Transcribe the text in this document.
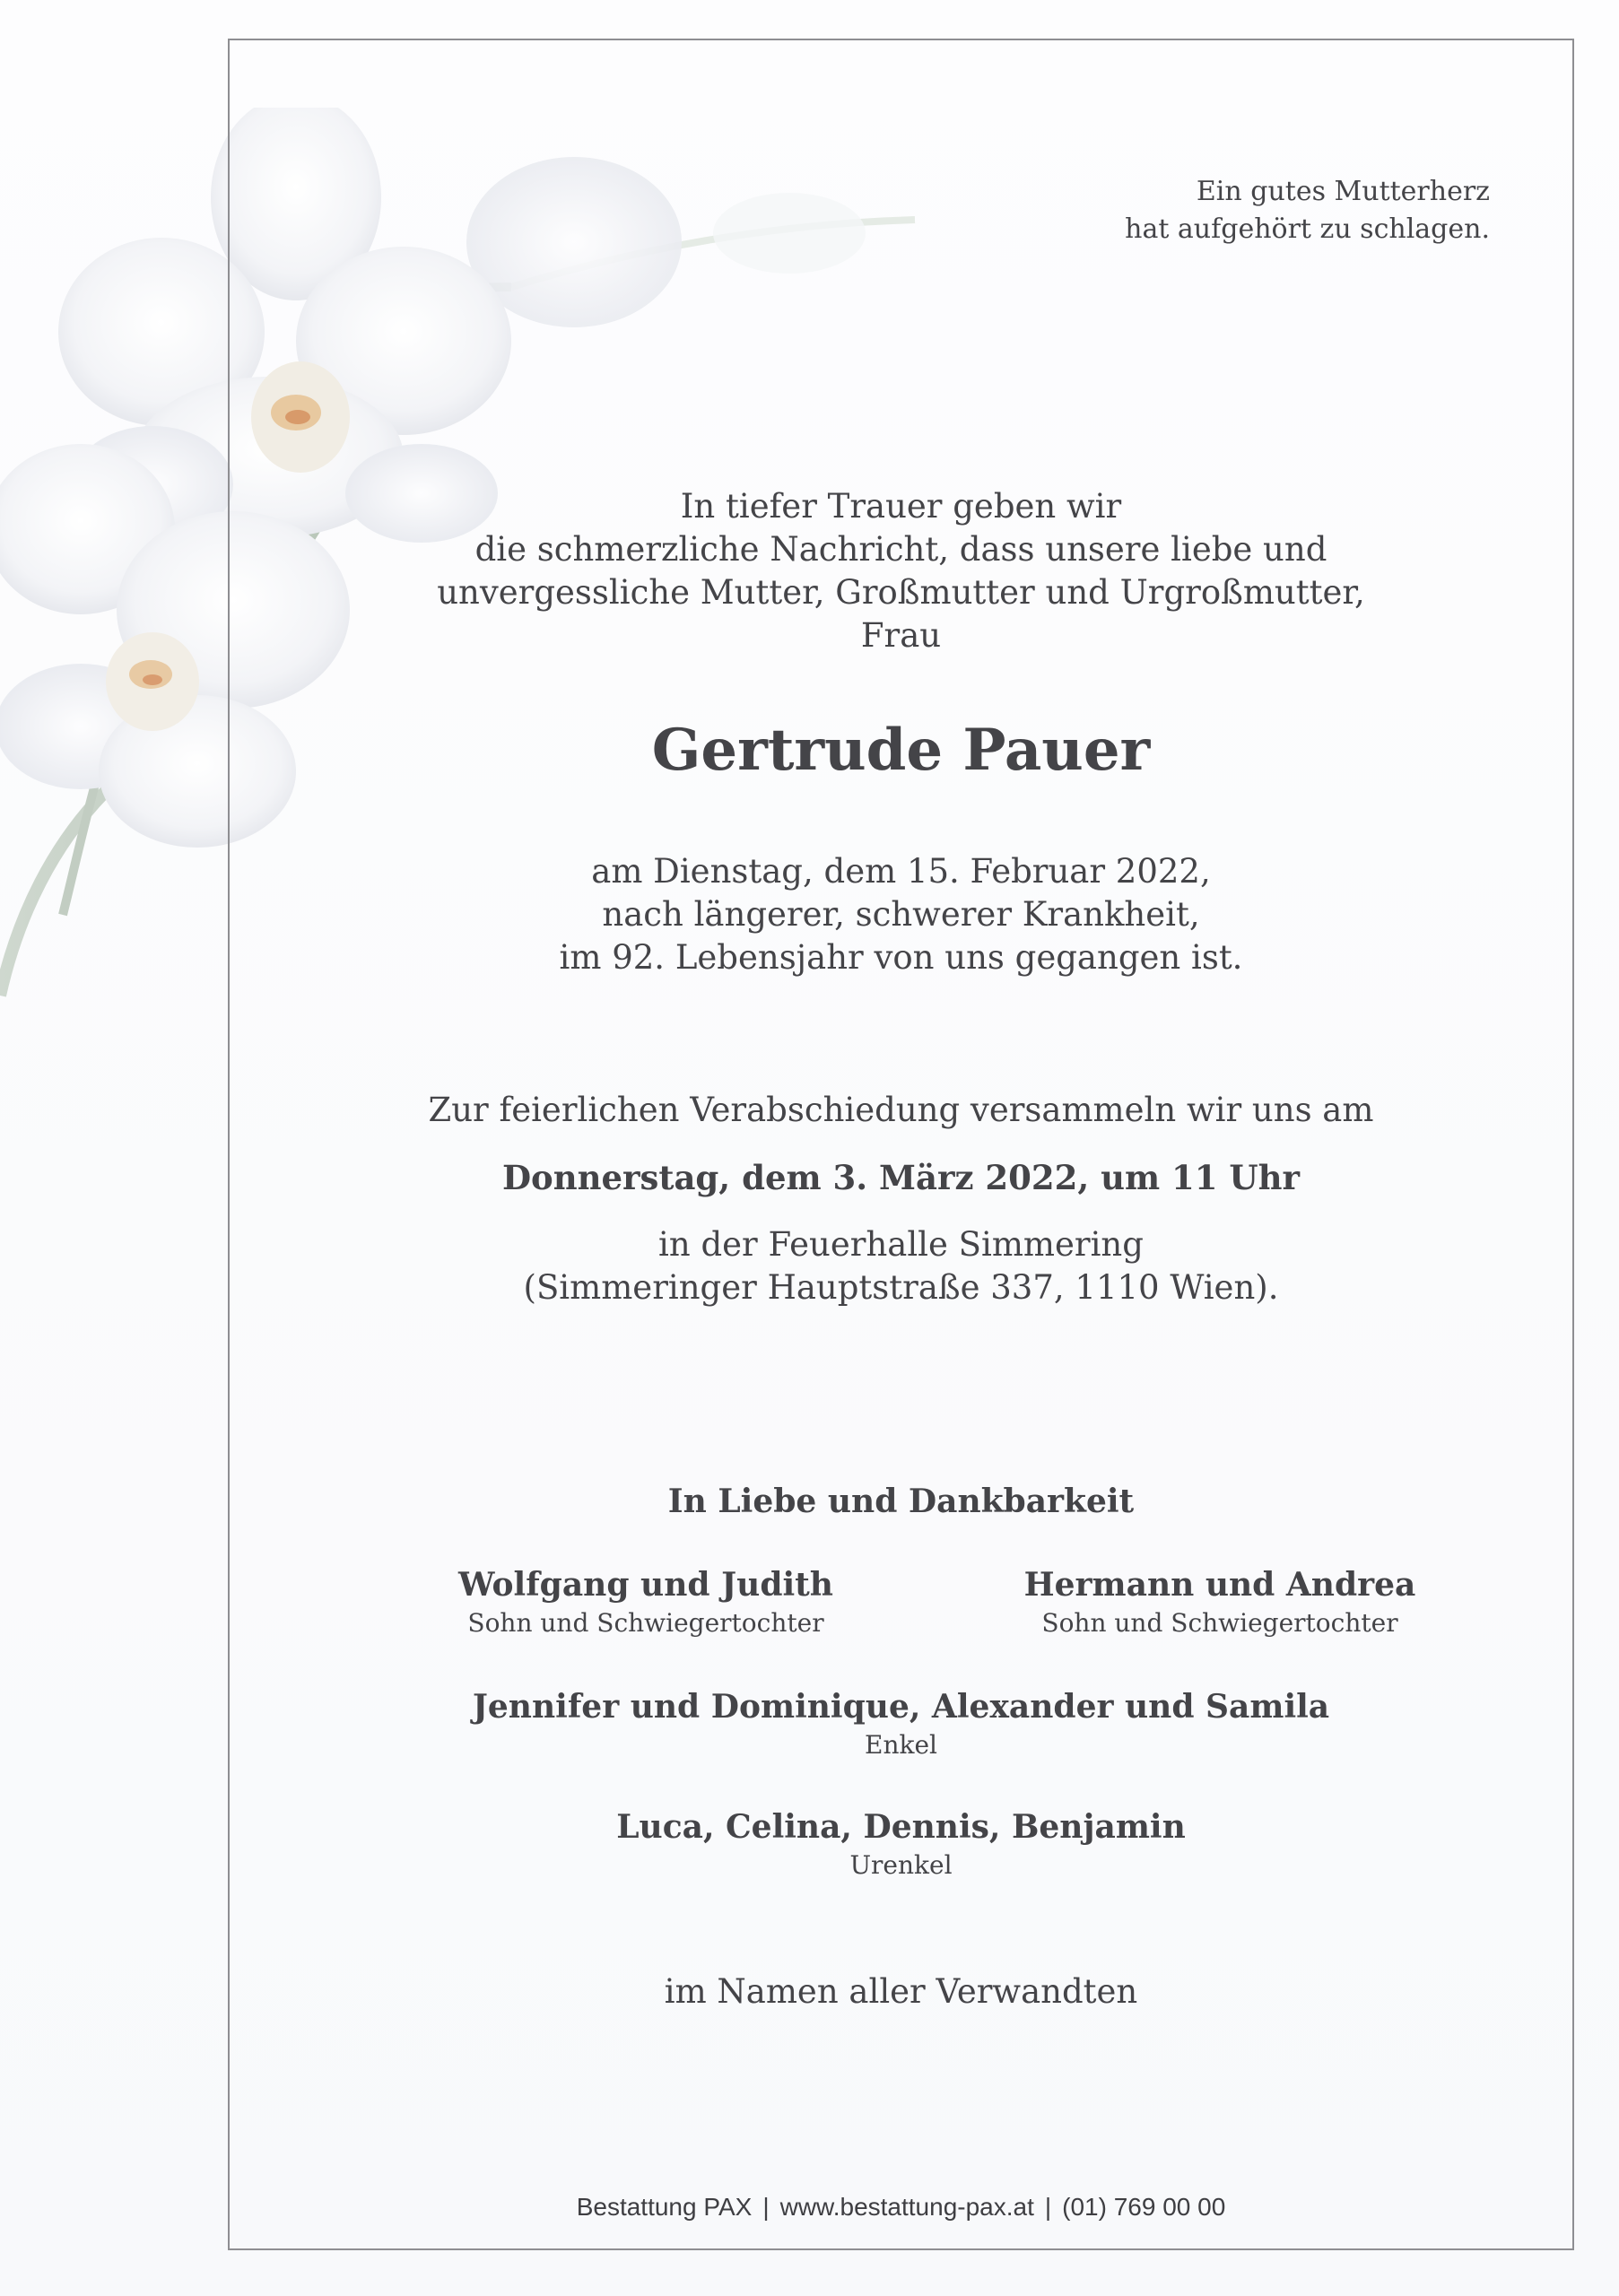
Ein gutes Mutterherz
hat aufgehört zu schlagen.
In tiefer Trauer geben wir
die schmerzliche Nachricht, dass unsere liebe und
unvergessliche Mutter, Großmutter und Urgroßmutter,
Frau
Gertrude Pauer
am Dienstag, dem 15. Februar 2022,
nach längerer, schwerer Krankheit,
im 92. Lebensjahr von uns gegangen ist.
Zur feierlichen Verabschiedung versammeln wir uns am
Donnerstag, dem 3. März 2022, um 11 Uhr
in der Feuerhalle Simmering
(Simmeringer Hauptstraße 337, 1110 Wien).
In Liebe und Dankbarkeit
Wolfgang und Judith
Sohn und Schwiegertochter
Hermann und Andrea
Sohn und Schwiegertochter
Jennifer und Dominique, Alexander und Samila
Enkel
Luca, Celina, Dennis, Benjamin
Urenkel
im Namen aller Verwandten
Bestattung PAX | www.bestattung-pax.at | (01) 769 00 00
